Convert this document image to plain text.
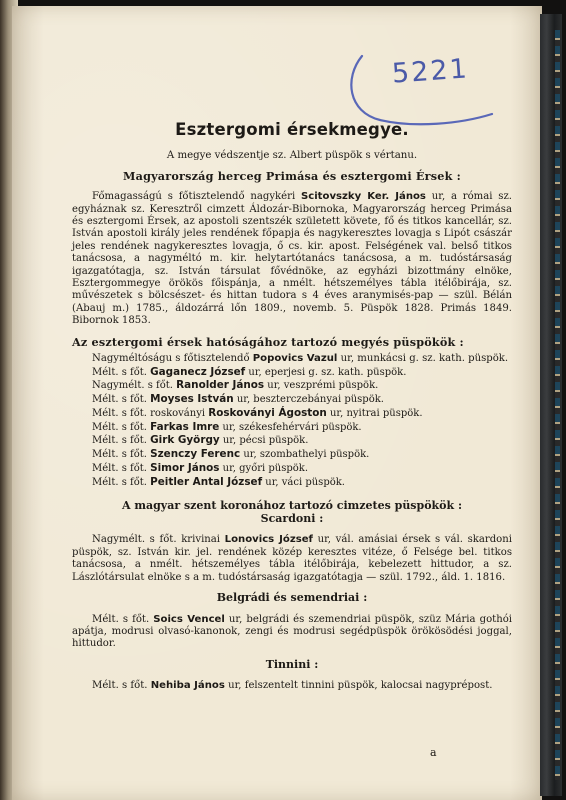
5221
Esztergomi érsekmegye.
A megye védszentje sz. Albert püspök s vértanu.
Magyarország herceg Primása és esztergomi Érsek :

Főmagasságú s főtisztelendő nagykéri Scitovszky Ker. János ur, a római sz. egyháznak sz. Keresztről cimzett Áldozár-Bibornoka, Magyarország herceg Primása és esztergomi Érsek, az apostoli szentszék született követe, fő és titkos kancellár, sz. István apostoli király jeles rendének főpapja és nagykeresztes lovagja s Lipót császár jeles rendének nagykeresztes lovagja, ő cs. kir. apost. Felségének val. belső titkos tanácsosa, a nagyméltó m. kir. helytartótanács tanácsosa, a m. tudóstársaság igazgatótagja, sz. István társulat fővédnöke, az egyházi bizottmány elnöke, Esztergommegye örökös főispánja, a nmélt. hétszemélyes tábla itélőbirája, sz. művészetek s bölcsészet- és hittan tudora s 4 éves aranymisés-pap — szül. Bélán (Abauj m.) 1785., áldozárrá lőn 1809., novemb. 5. Püspök 1828. Primás 1849. Bibornok 1853.

Az esztergomi érsek hatóságához tartozó megyés püspökök :

Nagyméltóságu s főtisztelendő Popovics Vazul ur, munkácsi g. sz. kath. püspök.

Mélt. s főt. Gaganecz József ur, eperjesi g. sz. kath. püspök.
Nagymélt. s főt. Ranolder János ur, veszprémi püspök.
Mélt. s főt. Moyses István ur, beszterczebányai püspök.
Mélt. s főt. roskoványi Roskoványi Ágoston ur, nyitrai püspök.
Mélt. s főt. Farkas Imre ur, székesfehérvári püspök.
Mélt. s főt. Girk György ur, pécsi püspök.
Mélt. s főt. Szenczy Ferenc ur, szombathelyi püspök.
Mélt. s főt. Simor János ur, győri püspök.
Mélt. s főt. Peitler Antal József ur, váci püspök.
A magyar szent koronához tartozó cimzetes püspökök :
Scardoni :

Nagymélt. s főt. krivinai Lonovics József ur, vál. amásiai érsek s vál. skardoni püspök, sz. István kir. jel. rendének közép keresztes vitéze, ő Felsége bel. titkos tanácsosa, a nmélt. hétszemélyes tábla itélőbirája, kebelezett hittudor, a sz. Lászlótársulat elnöke s a m. tudóstársaság igazgatótagja — szül. 1792., áld. 1. 1816.

Belgrádi és semendriai :

Mélt. s főt. Soics Vencel ur, belgrádi és szemendriai püspök, szüz Mária gothói apátja, modrusi olvasó-kanonok, zengi és modrusi segédpüspök örökösödési joggal, hittudor.

Tinnini :

Mélt. s főt. Nehiba János ur, felszentelt tinnini püspök, kalocsai nagyprépost.

a
